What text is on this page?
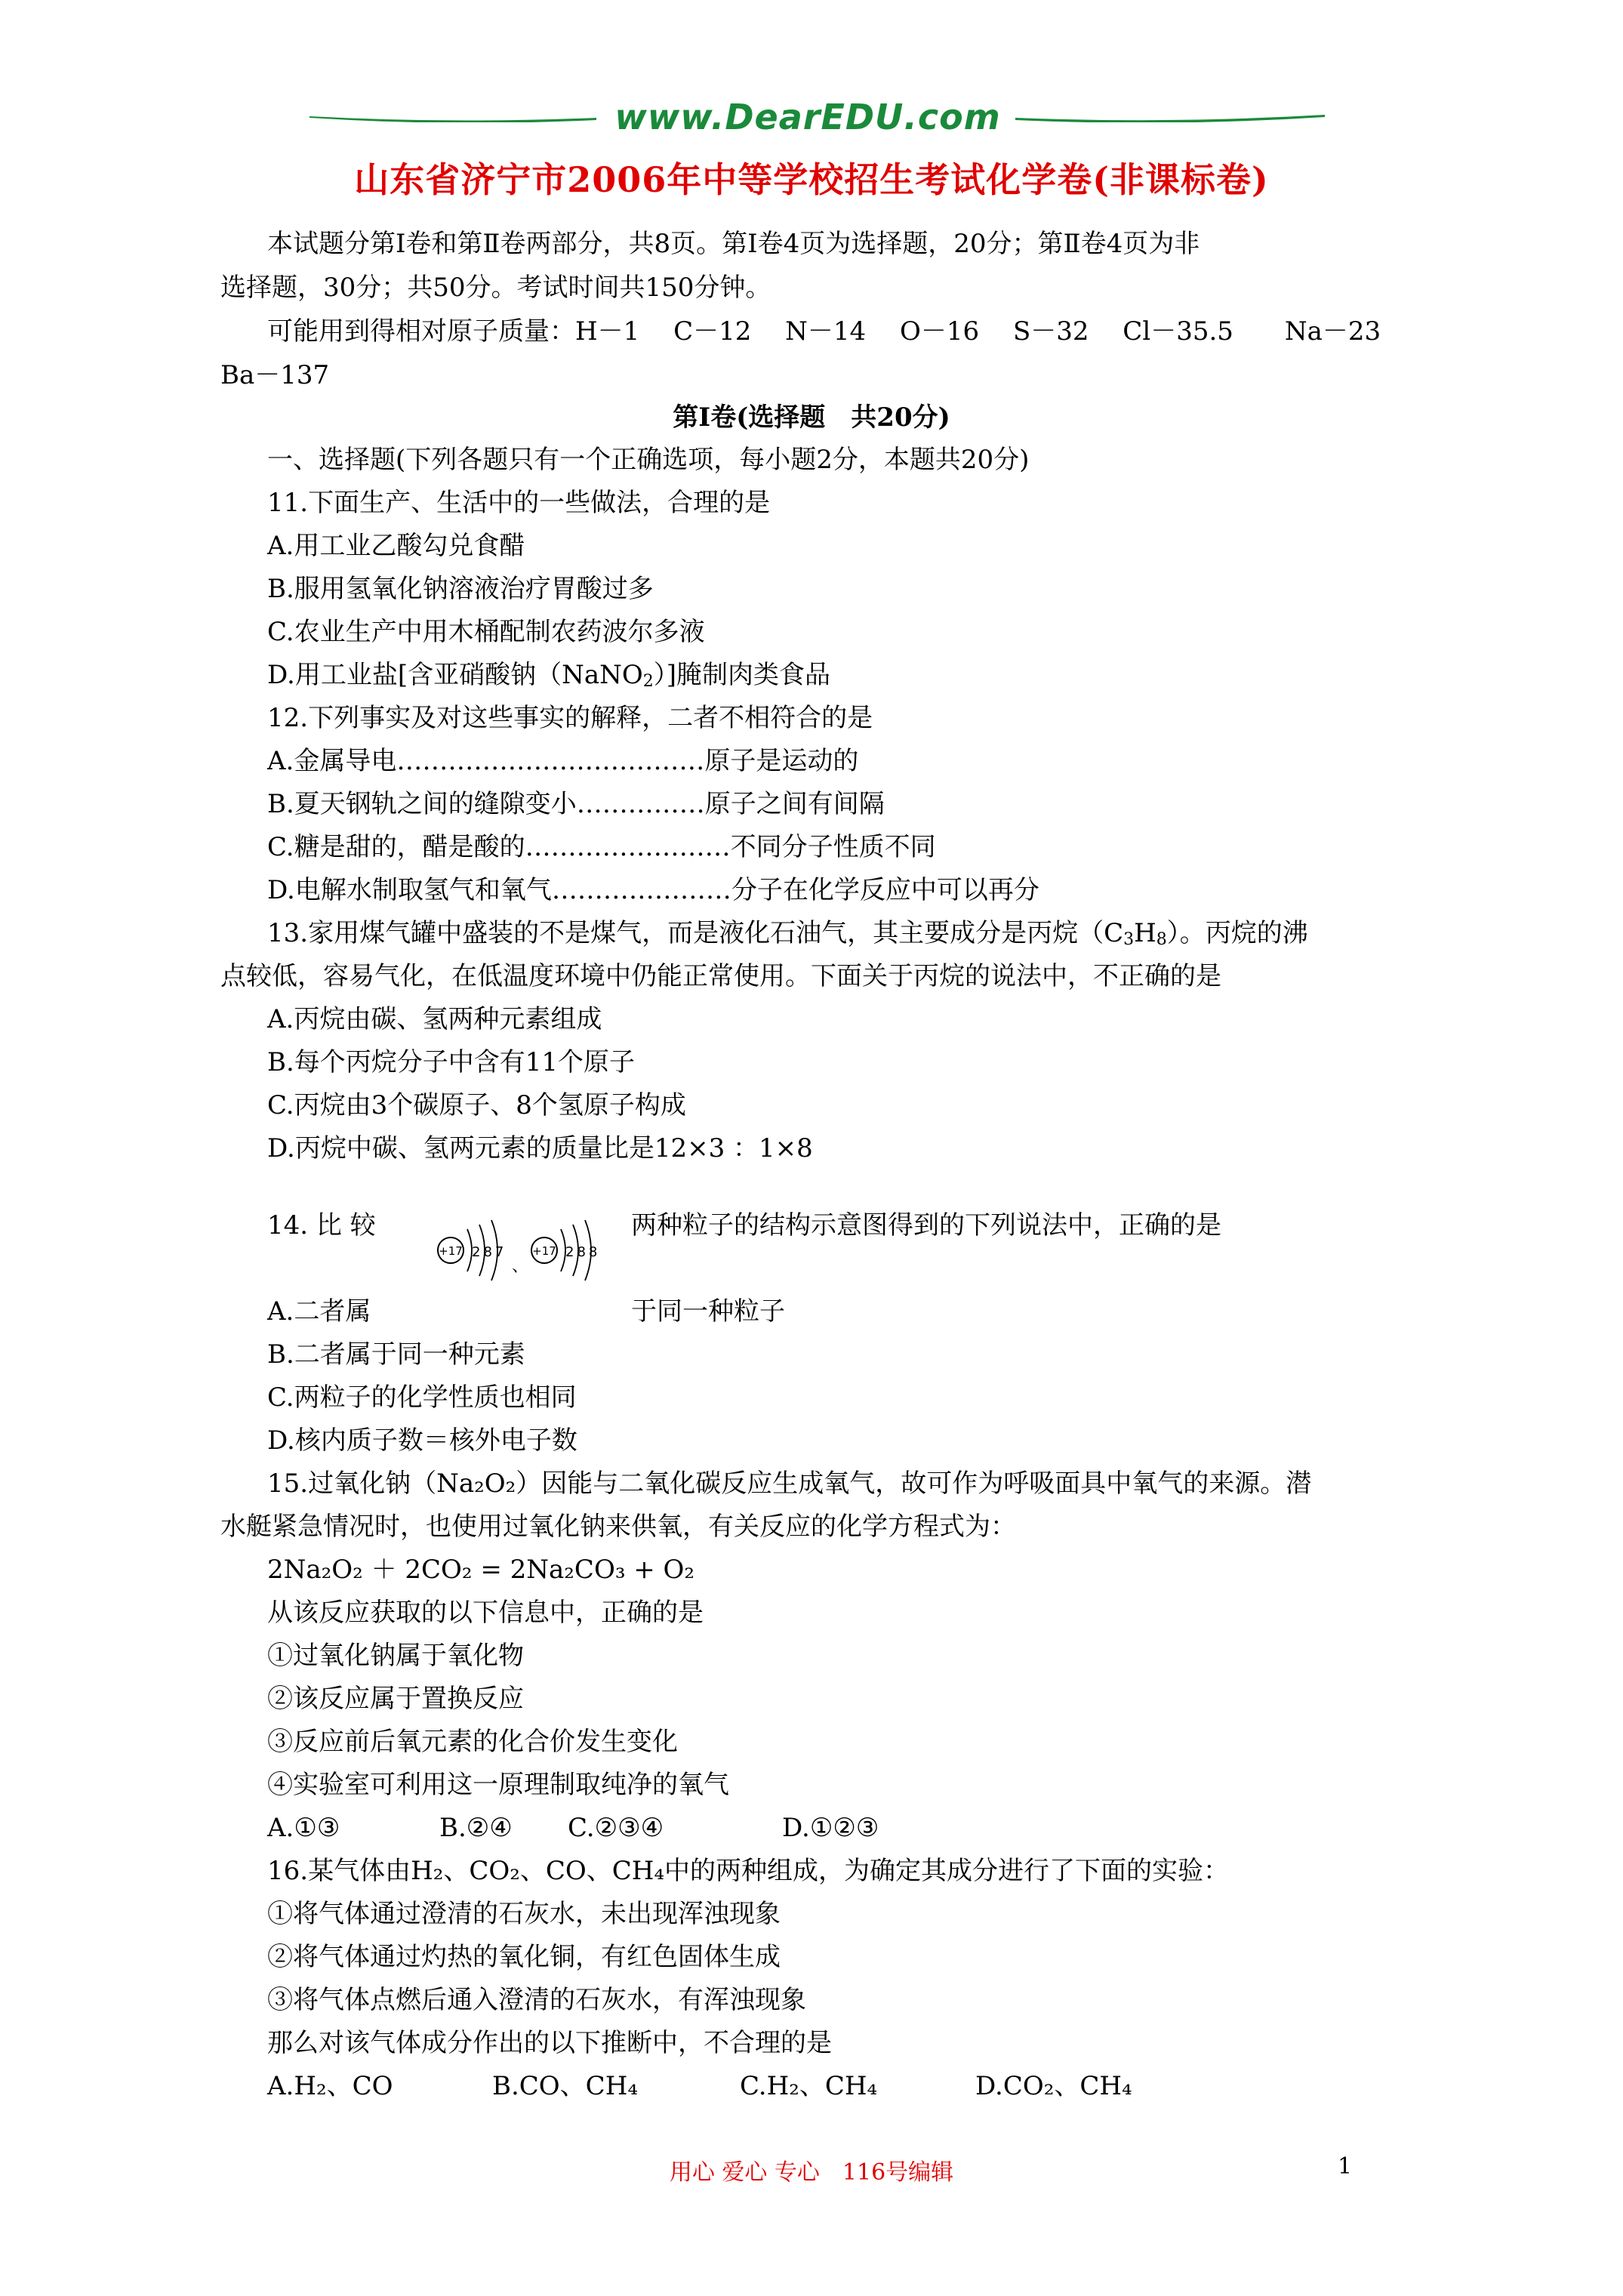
www.DearEDU.com
山东省济宁市2006年中等学校招生考试化学卷(非课标卷)
本试题分第Ⅰ卷和第Ⅱ卷两部分，共8页。第Ⅰ卷4页为选择题，20分；第Ⅱ卷4页为非
选择题，30分；共50分。考试时间共150分钟。
可能用到得相对原子质量：H－1　 C－12　 N－14　 O－16　 S－32　 Cl－35.5　　Na－23
Ba－137
第Ⅰ卷(选择题　共20分)
一、选择题(下列各题只有一个正确选项，每小题2分，本题共20分)
11.下面生产、生活中的一些做法，合理的是
A.用工业乙酸勾兑食醋
B.服用氢氧化钠溶液治疗胃酸过多
C.农业生产中用木桶配制农药波尔多液
D.用工业盐[含亚硝酸钠（NaNO$_2$）]腌制肉类食品
12.下列事实及对这些事实的解释，二者不相符合的是
A.金属导电………………………………原子是运动的
B.夏天钢轨之间的缝隙变小……………原子之间有间隔
C.糖是甜的，醋是酸的……………………不同分子性质不同
D.电解水制取氢气和氧气…………………分子在化学反应中可以再分
13.家用煤气罐中盛装的不是煤气，而是液化石油气，其主要成分是丙烷$(C_3H_8)$。丙烷的沸
点较低，容易气化，在低温度环境中仍能正常使用。下面关于丙烷的说法中，不正确的是
A.丙烷由碳、氢两种元素组成
B.每个丙烷分子中含有11个原子
C.丙烷由3个碳原子、8个氢原子构成
D.丙烷中碳、氢两元素的质量比是12×3 ：1×8
14. 比 较
+17 287
、
+17 288
两种粒子的结构示意图得到的下列说法中，正确的是
A.二者属	于同一种粒子
B.二者属于同一种元素
C.两粒子的化学性质也相同
D.核内质子数＝核外电子数
15.过氧化钠（Na₂O₂）因能与二氧化碳反应生成氧气，故可作为呼吸面具中氧气的来源。潜
水艇紧急情况时，也使用过氧化钠来供氧，有关反应的化学方程式为：
2Na₂O₂ ＋ 2CO₂ = 2Na₂CO₃ + O₂
从该反应获取的以下信息中，正确的是
①过氧化钠属于氧化物
②该反应属于置换反应
③反应前后氧元素的化合价发生变化
④实验室可利用这一原理制取纯净的氧气
A.①③	B.②④ C.②③④	D.①②③
16.某气体由H₂、CO₂、CO、CH₄中的两种组成，为确定其成分进行了下面的实验：
①将气体通过澄清的石灰水，未出现浑浊现象
②将气体通过灼热的氧化铜，有红色固体生成
③将气体点燃后通入澄清的石灰水，有浑浊现象
那么对该气体成分作出的以下推断中，不合理的是
A.H₂、CO	B.CO、CH₄	C.H₂、CH₄	D.CO₂、CH₄
用心 爱心 专心　116号编辑	1
